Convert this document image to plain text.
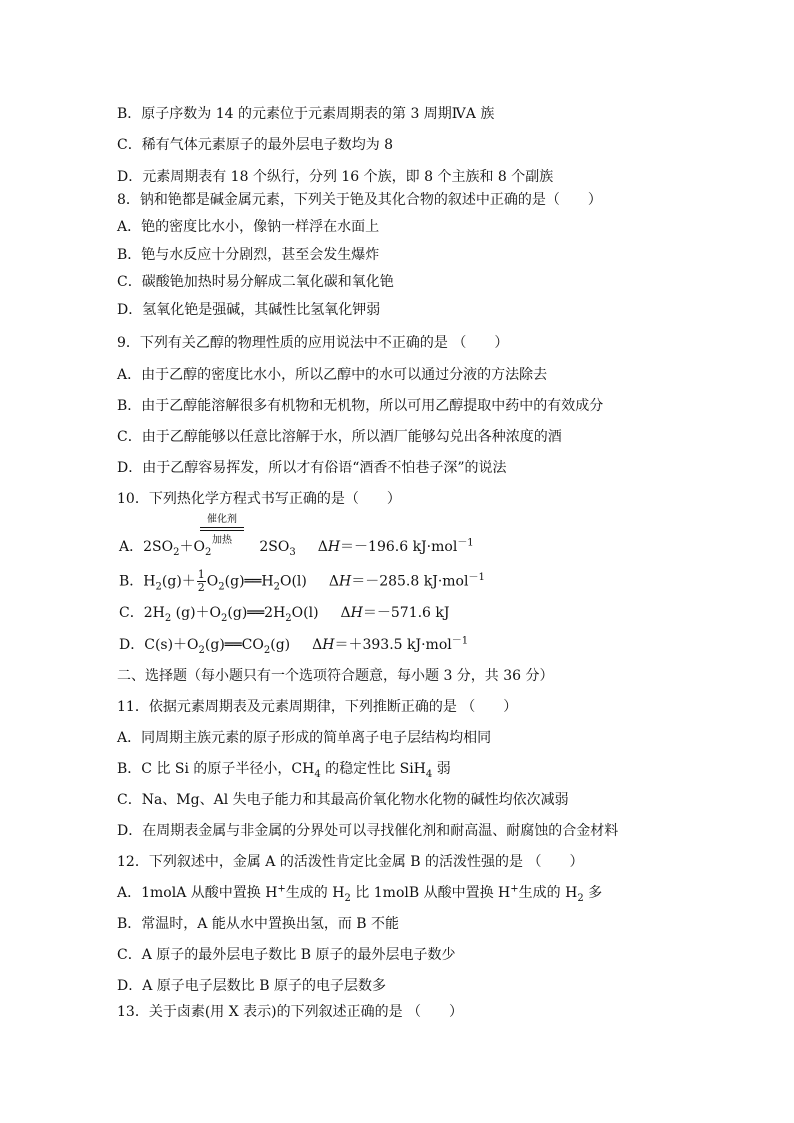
B．原子序数为 14 的元素位于元素周期表的第 3 周期ⅣA 族
C．稀有气体元素原子的最外层电子数均为 8
D．元素周期表有 18 个纵行，分列 16 个族，即 8 个主族和 8 个副族
8．钠和铯都是碱金属元素，下列关于铯及其化合物的叙述中正确的是（　　）
A．铯的密度比水小，像钠一样浮在水面上
B．铯与水反应十分剧烈，甚至会发生爆炸
C．碳酸铯加热时易分解成二氧化碳和氧化铯
D．氢氧化铯是强碱，其碱性比氢氧化钾弱
9．下列有关乙醇的物理性质的应用说法中不正确的是 （　　）
A．由于乙醇的密度比水小，所以乙醇中的水可以通过分液的方法除去
B．由于乙醇能溶解很多有机物和无机物，所以可用乙醇提取中药中的有效成分
C．由于乙醇能够以任意比溶解于水，所以酒厂能够勾兑出各种浓度的酒
D．由于乙醇容易挥发，所以才有俗语“酒香不怕巷子深”的说法
10．下列热化学方程式书写正确的是（　　）
催化剂
加热
A．$2SO_2+O_2$	$2SO_3$ ΔH＝－196.6 kJ·mol$^{-1}$
B．$H_2(g)+ \frac{1}{2}$ $O_2(g)══H_2O(l)$ ΔH＝－285.8 kJ·mol$^{-1}$
C．$2H_2$ $(g)+O_2(g)══2H_2O(l)$ ΔH＝－571.6 kJ
D．$C(s)+O_2(g)══CO_2(g)$ ΔH＝＋393.5 kJ·mol$^{-1}$
二、选择题（每小题只有一个选项符合题意，每小题 3 分，共 36 分）
11．依据元素周期表及元素周期律，下列推断正确的是 （　　）
A．同周期主族元素的原子形成的简单离子电子层结构均相同
B．C 比 Si 的原子半径小，$CH_4$ 的稳定性比 SiH$_4$ 弱
C．Na、Mg、Al 失电子能力和其最高价氧化物水化物的碱性均依次减弱
D．在周期表金属与非金属的分界处可以寻找催化剂和耐高温、耐腐蚀的合金材料
12．下列叙述中，金属 A 的活泼性肯定比金属 B 的活泼性强的是 （　　）
A．1molA 从酸中置换 H+生成的 $H_2$ 比 1molB 从酸中置换 H+生成的 $H_2$ 多
B．常温时，A 能从水中置换出氢，而 B 不能
C．A 原子的最外层电子数比 B 原子的最外层电子数少
D．A 原子电子层数比 B 原子的电子层数多
13．关于卤素(用 X 表示)的下列叙述正确的是 （　　）
